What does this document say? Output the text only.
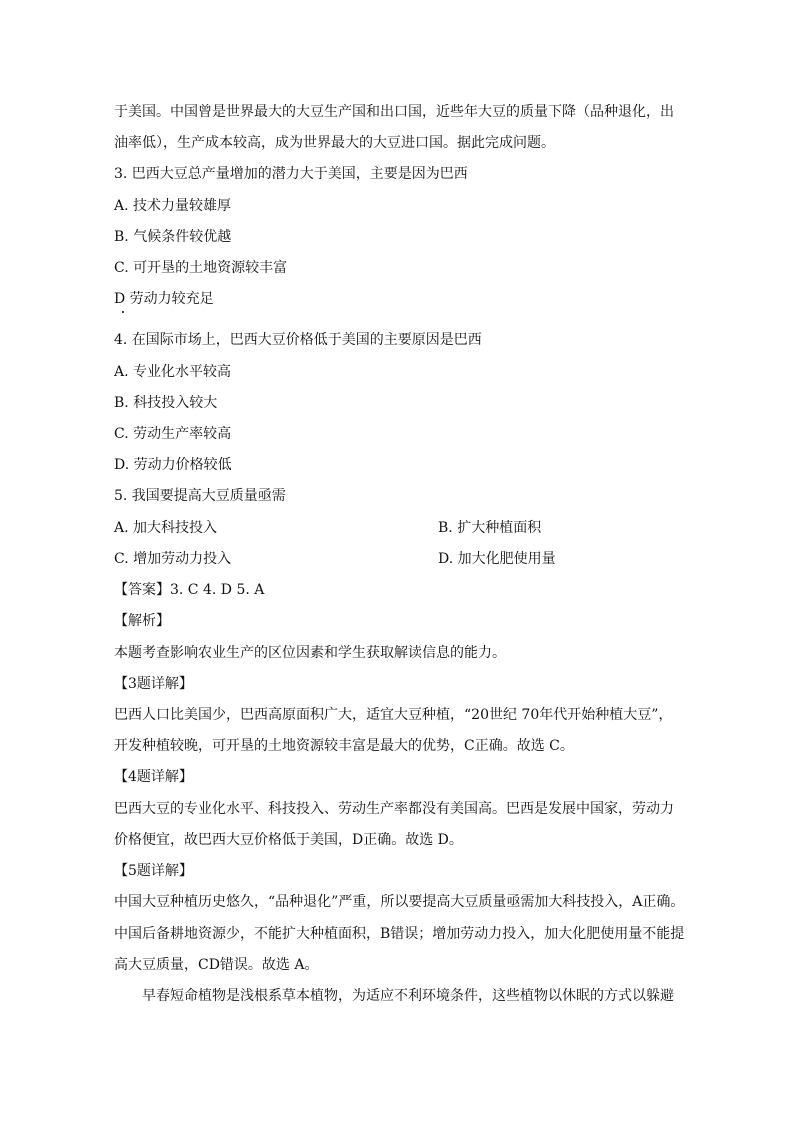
于美国。中国曾是世界最大的大豆生产国和出口国，近些年大豆的质量下降（品种退化，出
油率低），生产成本较高，成为世界最大的大豆进口国。据此完成问题。
3. 巴西大豆总产量增加的潜力大于美国，主要是因为巴西
A. 技术力量较雄厚
B. 气候条件较优越
C. 可开垦的土地资源较丰富
D 劳动力较充足
4. 在国际市场上，巴西大豆价格低于美国的主要原因是巴西
A. 专业化水平较高
B. 科技投入较大
C. 劳动生产率较高
D. 劳动力价格较低
5. 我国要提高大豆质量亟需
A. 加大科技投入	B. 扩大种植面积
C. 增加劳动力投入	D. 加大化肥使用量
【答案】3. C 4. D 5. A
【解析】
本题考查影响农业生产的区位因素和学生获取解读信息的能力。
【3题详解】
巴西人口比美国少，巴西高原面积广大，适宜大豆种植，“20世纪 70年代开始种植大豆”，
开发种植较晚，可开垦的土地资源较丰富是最大的优势，C正确。故选 C。
【4题详解】
巴西大豆的专业化水平、科技投入、劳动生产率都没有美国高。巴西是发展中国家，劳动力
价格便宜，故巴西大豆价格低于美国，D正确。故选 D。
【5题详解】
中国大豆种植历史悠久，“品种退化”严重，所以要提高大豆质量亟需加大科技投入，A正确。
中国后备耕地资源少，不能扩大种植面积，B错误；增加劳动力投入，加大化肥使用量不能提
高大豆质量，CD错误。故选 A。
早春短命植物是浅根系草本植物，为适应不利环境条件，这些植物以休眠的方式以躲避
